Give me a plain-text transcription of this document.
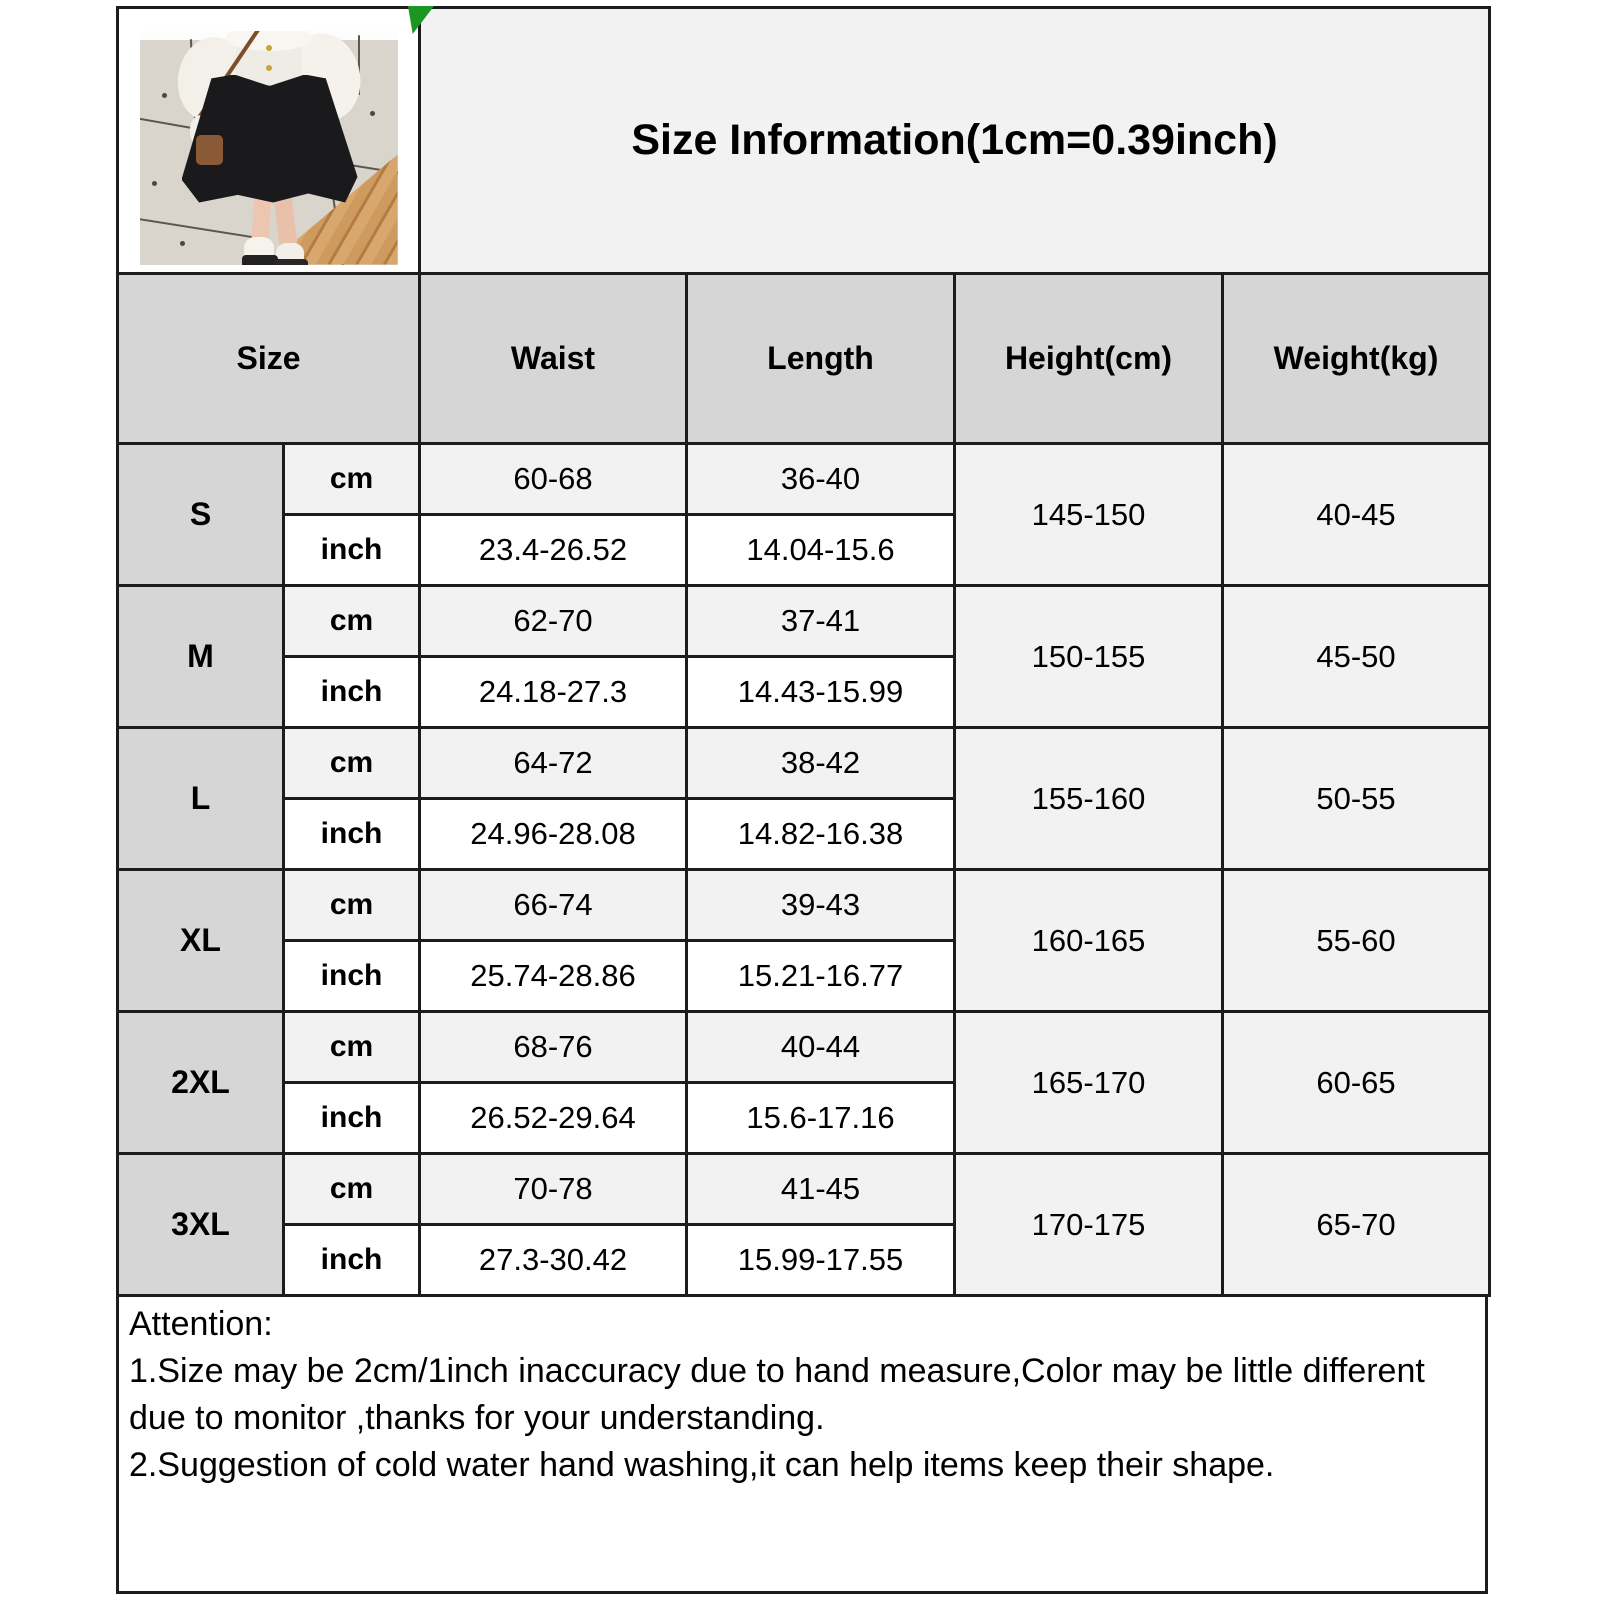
		Size Information(1cm=0.39inch)			
Size		Waist	Length	Height(cm)	Weight(kg)
S	cm	60-68	36-40	145-150	40-45
	inch	23.4-26.52	14.04-15.6		
M	cm	62-70	37-41	150-155	45-50
	inch	24.18-27.3	14.43-15.99		
L	cm	64-72	38-42	155-160	50-55
	inch	24.96-28.08	14.82-16.38		
XL	cm	66-74	39-43	160-165	55-60
	inch	25.74-28.86	15.21-16.77		
2XL	cm	68-76	40-44	165-170	60-65
	inch	26.52-29.64	15.6-17.16		
3XL	cm	70-78	41-45	170-175	65-70
	inch	27.3-30.42	15.99-17.55		
Attention:
1.Size may be 2cm/1inch inaccuracy due to hand measure,Color may be little different due to monitor ,thanks for your understanding.
2.Suggestion of cold water hand washing,it can help items keep their shape.
